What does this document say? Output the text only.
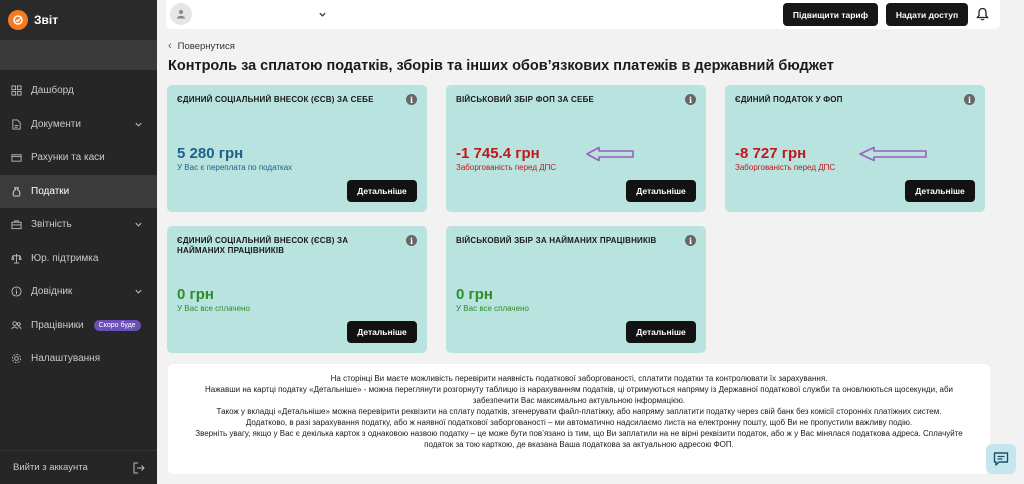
Звіт
Дашборд
Документи
Рахунки та каси
Податки
Звітність
Юр. підтримка
Довідник
Працівники	Скоро буде
Налаштування
Вийти з аккаунта
Підвищити тариф	Надати доступ
‹ Повернутися
Контроль за сплатою податків, зборів та інших обов’язкових платежів в державний бюджет
ЄДИНИЙ СОЦІАЛЬНИЙ ВНЕСОК (ЄСВ) ЗА СЕБЕ	i
5 280 грн
У Вас є переплата по податках
Детальніше
ВІЙСЬКОВИЙ ЗБІР ФОП ЗА СЕБЕ	i
-1 745.4 грн
Заборгованість перед ДПС
Детальніше
ЄДИНИЙ ПОДАТОК У ФОП	i
-8 727 грн
Заборгованість перед ДПС
Детальніше
ЄДИНИЙ СОЦІАЛЬНИЙ ВНЕСОК (ЄСВ) ЗА НАЙМАНИХ ПРАЦІВНИКІВ
i
0 грн
У Вас все сплачено
Детальніше
ВІЙСЬКОВИЙ ЗБІР ЗА НАЙМАНИХ ПРАЦІВНИКІВ	i
0 грн
У Вас все сплачено
Детальніше

На сторінці Ви маєте можливість перевірити наявність податкової заборгованості, сплатити податки та контролювати їх зарахування.

Нажавши на картці податку «Детальніше» - можна переглянути розгорнуту таблицю із нарахуванням податків, ці отримуються напряму із Державної податкової служби та оновлюються щосекунди, аби забезпечити Вас максимально актуальною інформацією.

Також у вкладці «Детальніше» можна перевірити реквізити на сплату податків, згенерувати файл-платіжку, або напряму заплатити податку через свій банк без комісії сторонніх платіжних систем.

Додатково, в разі зарахування податку, або ж наявної податкової заборгованості – ми автоматично надсилаємо листа на електронну пошту, щоб Ви не пропустили важливу подію.

Зверніть увагу, якщо у Вас є декілька карток з однаковою назвою податку – це може бути пов’язано із тим, що Ви заплатили на не вірні реквізити податок, або ж у Вас мінялася податкова адреса. Сплачуйте податок за тою карткою, де вказана Ваша податкова за актуальною адресою ФОП.
